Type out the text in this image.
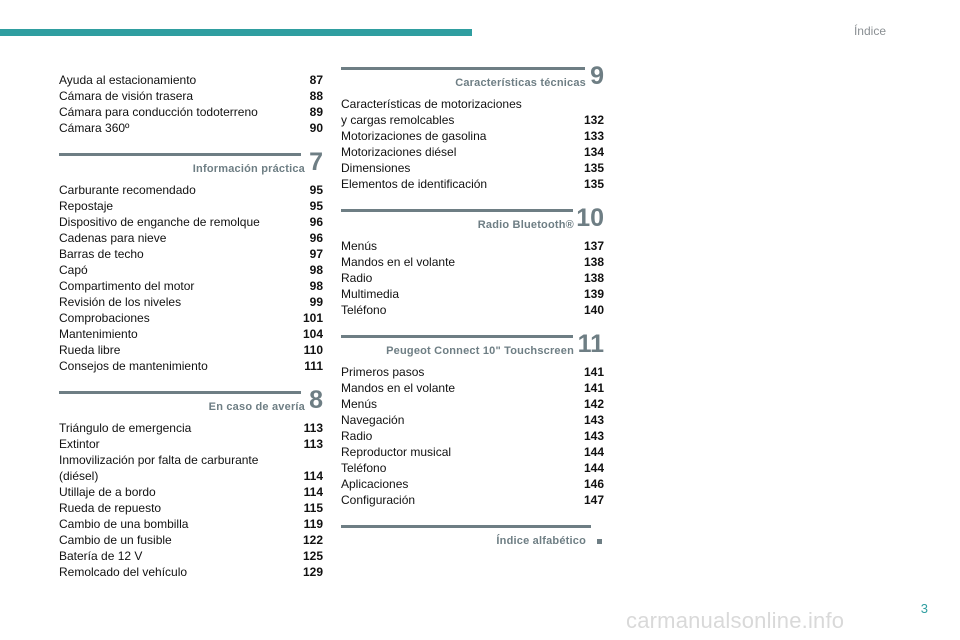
Índice
Ayuda al estacionamiento	87
Cámara de visión trasera	88
Cámara para conducción todoterreno	89
Cámara 360º	90
Información práctica 7
Carburante recomendado	95
Repostaje	95
Dispositivo de enganche de remolque	96
Cadenas para nieve	96
Barras de techo	97
Capó	98
Compartimento del motor	98
Revisión de los niveles	99
Comprobaciones	101
Mantenimiento	104
Rueda libre	110
Consejos de mantenimiento	111
En caso de avería 8
Triángulo de emergencia	113
Extintor	113
Inmovilización por falta de carburante
(diésel)	114
Utillaje de a bordo	114
Rueda de repuesto	115
Cambio de una bombilla	119
Cambio de un fusible	122
Batería de 12 V	125
Remolcado del vehículo	129
Características técnicas 9
Características de motorizaciones
y cargas remolcables	132
Motorizaciones de gasolina	133
Motorizaciones diésel	134
Dimensiones	135
Elementos de identificación	135
Radio Bluetooth® 10
Menús	137
Mandos en el volante	138
Radio	138
Multimedia	139
Teléfono	140
Peugeot Connect 10" Touchscreen 11
Primeros pasos	141
Mandos en el volante	141
Menús	142
Navegación	143
Radio	143
Reproductor musical	144
Teléfono	144
Aplicaciones	146
Configuración	147
Índice alfabético
3
carmanualsonline.info
